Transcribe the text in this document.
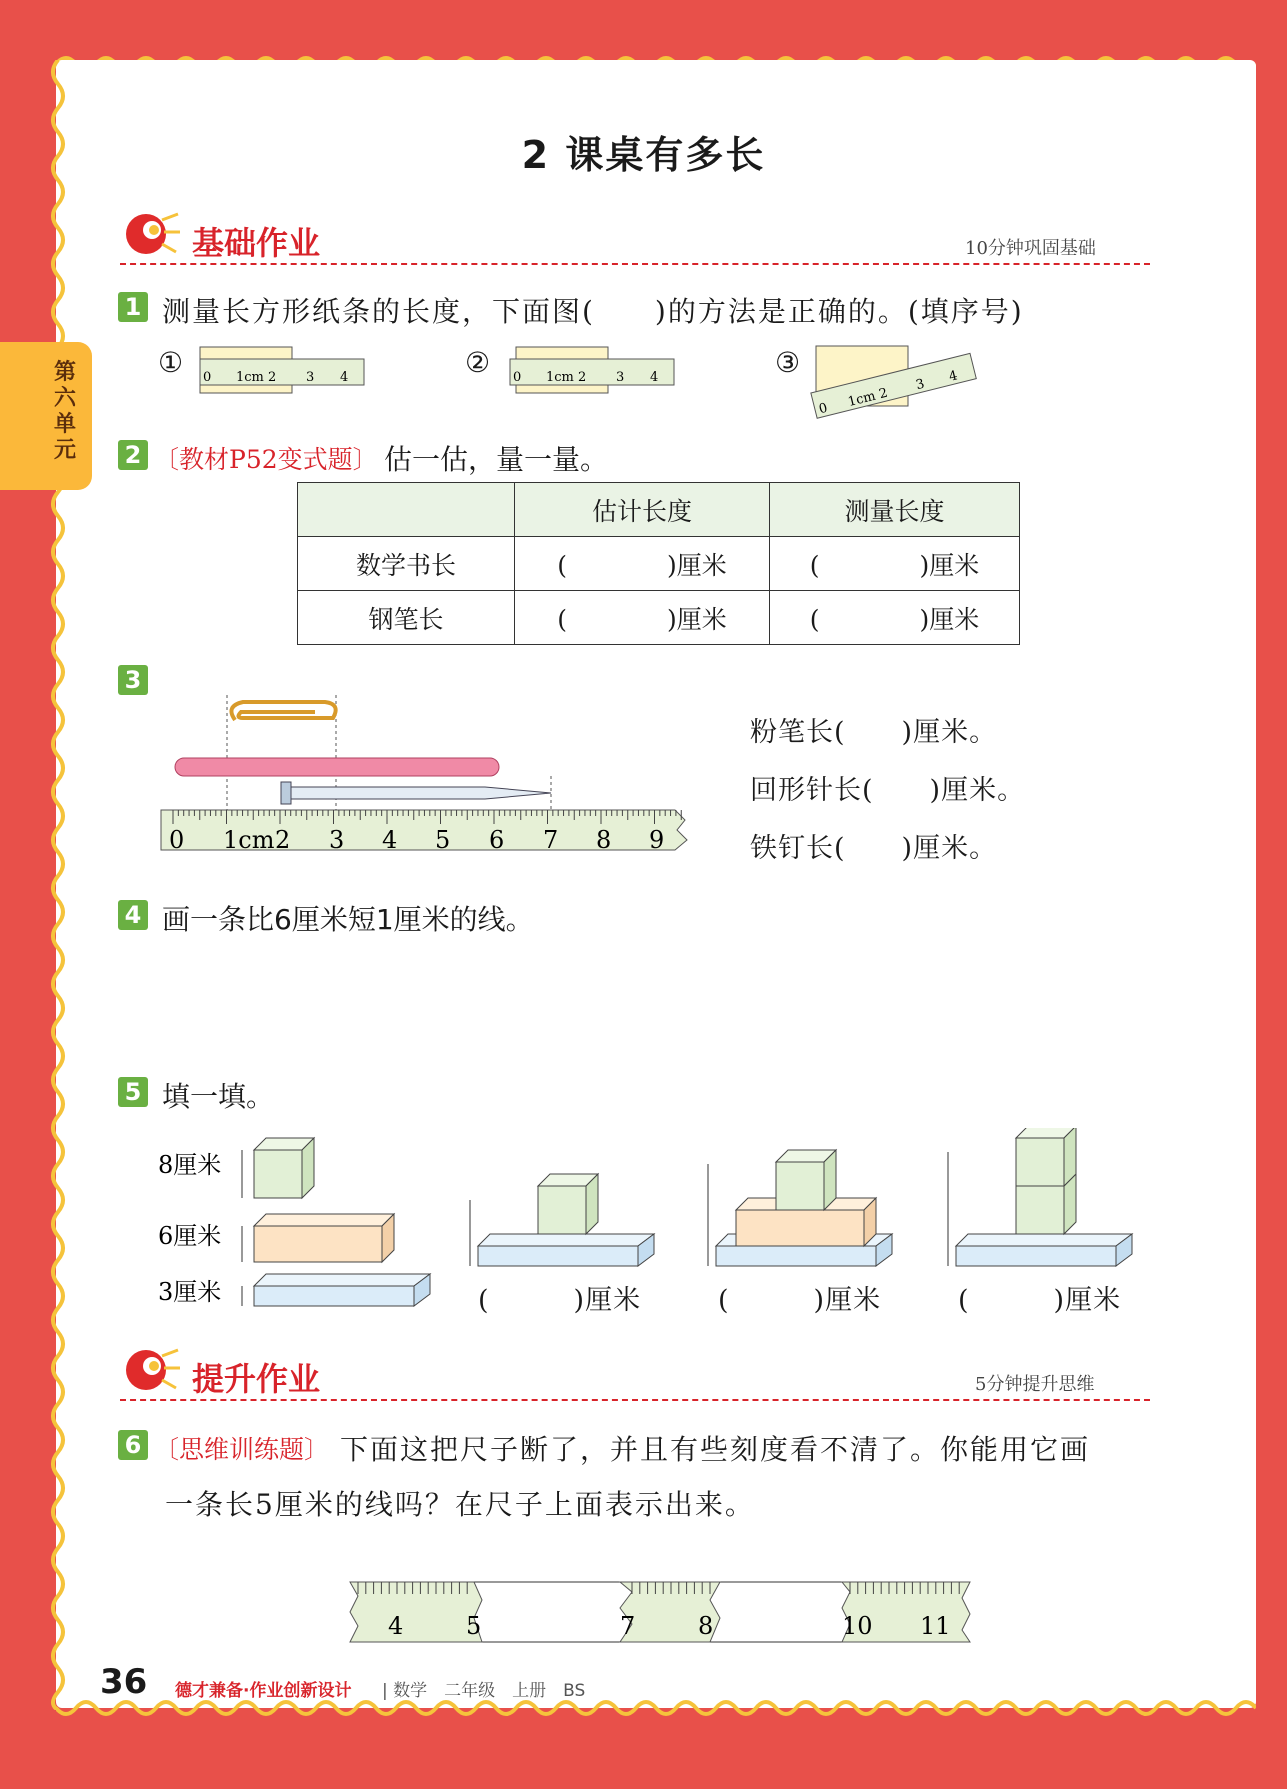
2 课桌有多长
第六单元
基础作业	10分钟巩固基础
1 测量长方形纸条的长度，下面图(　　)的方法是正确的。(填序号)
① 0 1cm 2 3 4	② 0 1cm 2 3 4	③
0 1cm 2
3 4
2 〔教材P52变式题〕 估一估，量一量。
	估计长度	测量长度
数学书长	(　　　　)厘米	(　　　　)厘米
钢笔长	(　　　　)厘米	(　　　　)厘米
3
0 1cm 2 3 4 5 6 7 8 9
粉笔长(　　)厘米。
回形针长(　　)厘米。
铁钉长(　　)厘米。
4 画一条比6厘米短1厘米的线。
5 填一填。
8厘米
6厘米
3厘米	(　　　)厘米	(　　　)厘米	(　　　)厘米
提升作业	5分钟提升思维
6 〔思维训练题〕 下面这把尺子断了，并且有些刻度看不清了。你能用它画
一条长5厘米的线吗？在尺子上面表示出来。
4	5	7	8	10 11
36 德才兼备·作业创新设计 | 数学　二年级　上册　BS
